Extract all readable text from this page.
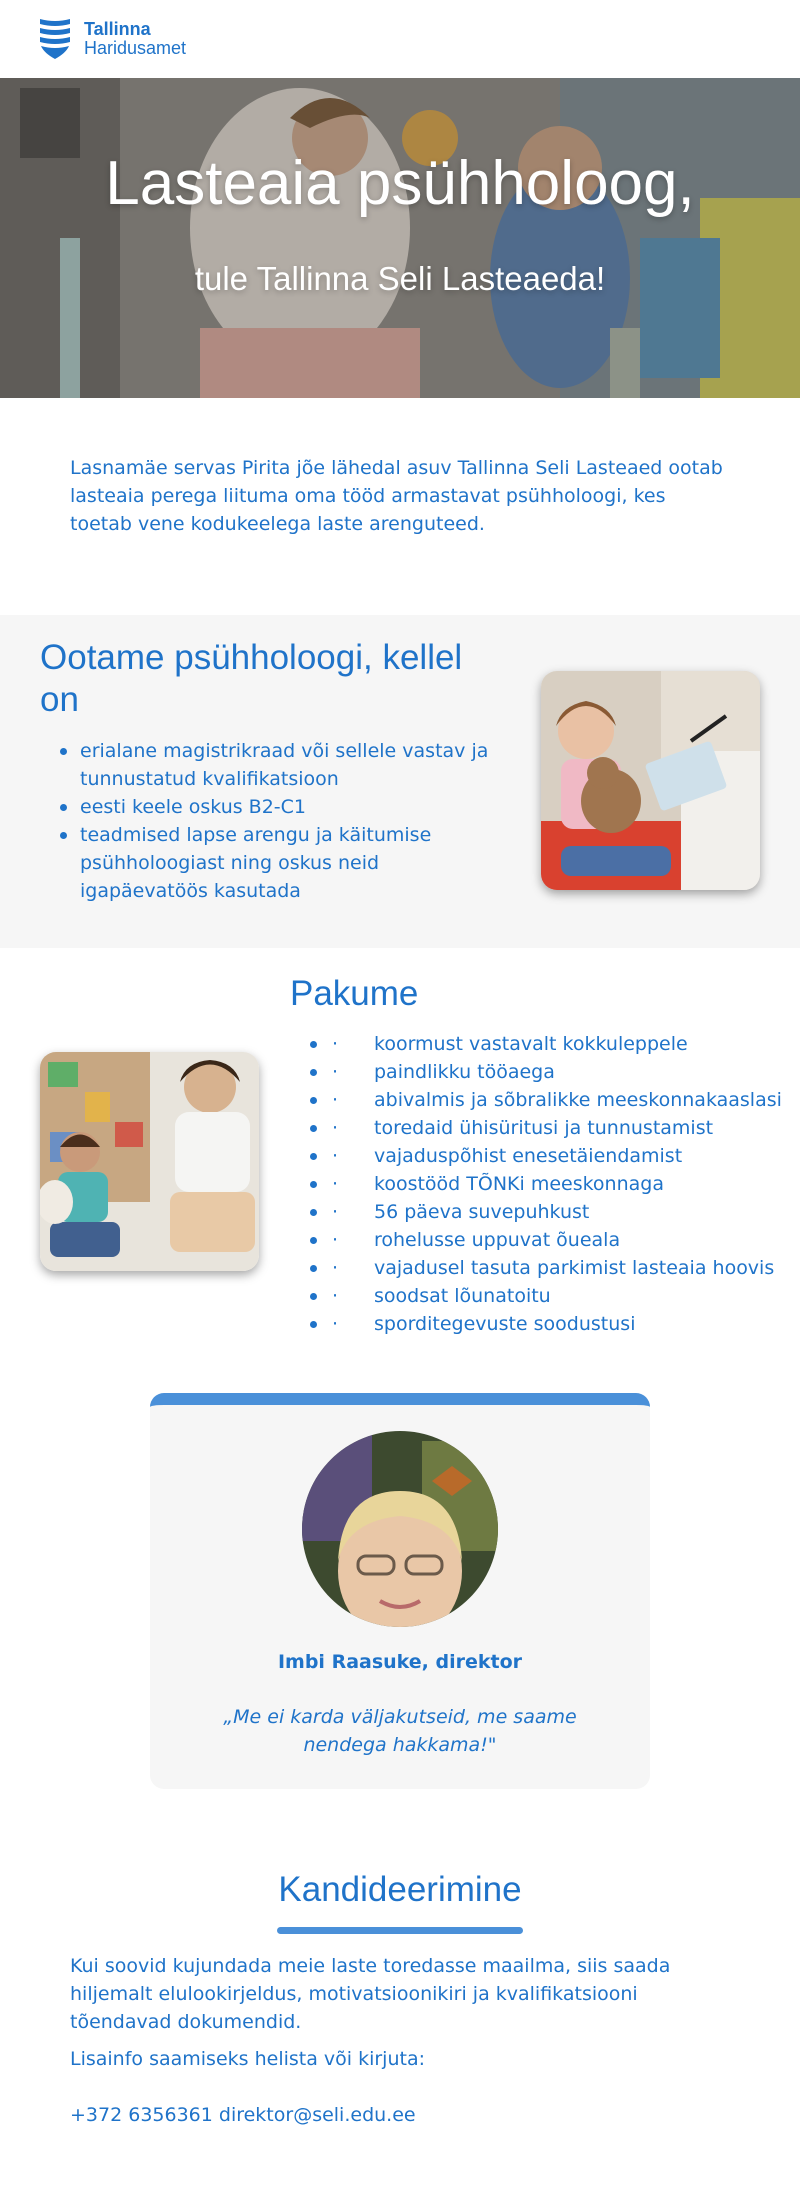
Tallinna
Haridusamet
Lasteaia psühholoog,
tule Tallinna Seli Lasteaeda!

Lasnamäe servas Pirita jõe lähedal asuv Tallinna Seli Lasteaed ootab lasteaia perega liituma oma tööd armastavat psühholoogi, kes toetab vene kodukeelega laste arenguteed.

Ootame psühholoogi, kellel on
erialane magistrikraad või sellele vastav ja tunnustatud kvalifikatsioon
eesti keele oskus B2-C1
teadmised lapse arengu ja käitumise psühholoogiast ning oskus neid igapäevatöös kasutada
Pakume
· koormust vastavalt kokkuleppele
· paindlikku tööaega
· abivalmis ja sõbralikke meeskonnakaaslasi
· toredaid ühisüritusi ja tunnustamist
· vajaduspõhist enesetäiendamist
· koostööd TÕNKi meeskonnaga
· 56 päeva suvepuhkust
· rohelusse uppuvat õueala
· vajadusel tasuta parkimist lasteaia hoovis
· soodsat lõunatoitu
· sporditegevuste soodustusi
Imbi Raasuke, direktor
„Me ei karda väljakutseid, me saame nendega hakkama!"
Kandideerimine

Kui soovid kujundada meie laste toredasse maailma, siis saada hiljemalt elulookirjeldus, motivatsioonikiri ja kvalifikatsiooni tõendavad dokumendid.

Lisainfo saamiseks helista või kirjuta:

+372 6356361 direktor@seli.edu.ee
